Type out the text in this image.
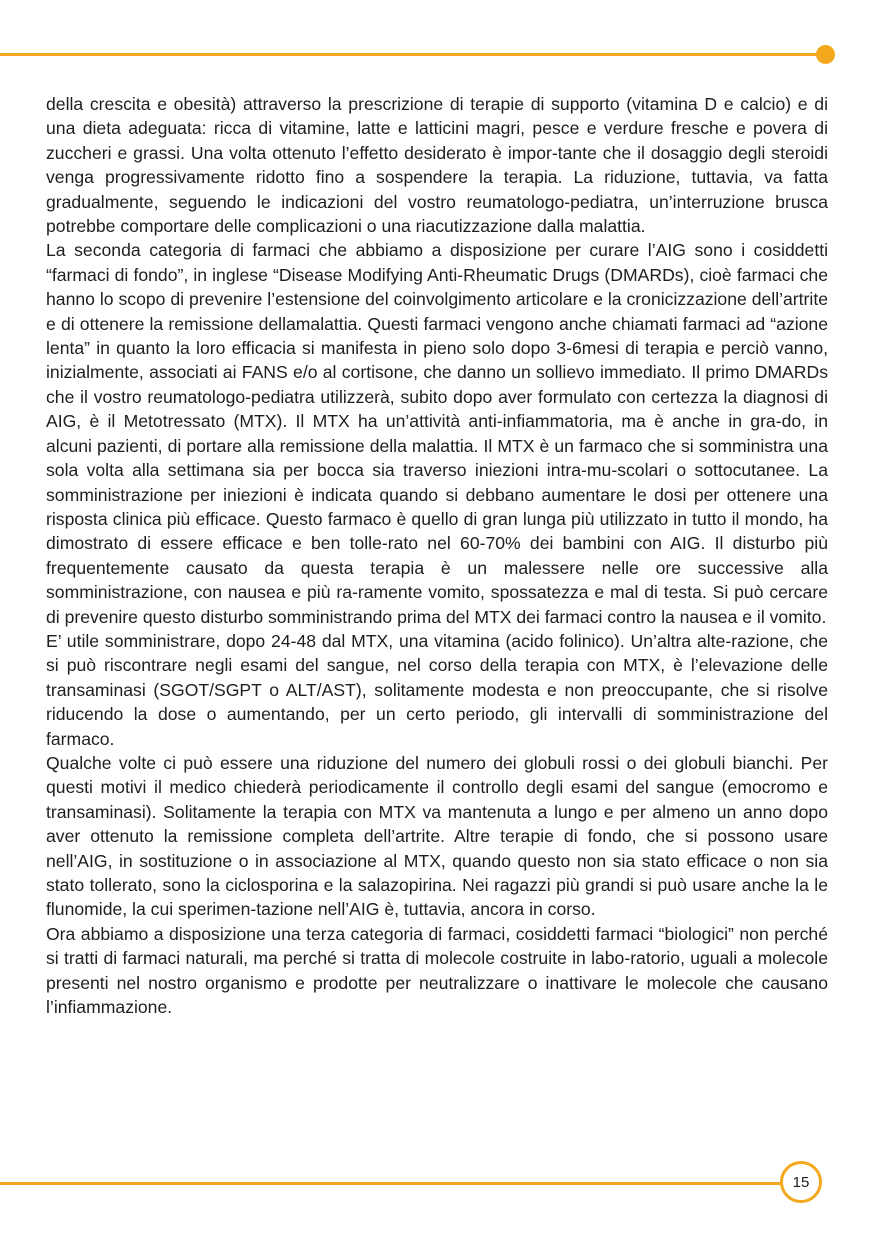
della crescita e obesità) attraverso la prescrizione di terapie di supporto (vitamina D e calcio) e di una dieta adeguata: ricca di vitamine, latte e latticini magri, pesce e verdure fresche e povera di zuccheri e grassi. Una volta ottenuto l’effetto desiderato è impor-tante che il dosaggio degli steroidi venga progressivamente ridotto fino a sospendere la terapia. La riduzione, tuttavia, va fatta gradualmente, seguendo le indicazioni del vostro reumatologo-pediatra, un’interruzione brusca potrebbe comportare delle complicazioni o una riacutizzazione dalla malattia.

La seconda categoria di farmaci che abbiamo a disposizione per curare l’AIG sono i cosiddetti “farmaci di fondo”, in inglese “Disease Modifying Anti-Rheumatic Drugs (DMARDs), cioè farmaci che hanno lo scopo di prevenire l’estensione del coinvolgimento articolare e la cronicizzazione dell’artrite e di ottenere la remissione dellamalattia. Questi farmaci vengono anche chiamati farmaci ad “azione lenta” in quanto la loro efficacia si manifesta in pieno solo dopo 3-6mesi di terapia e perciò vanno, inizialmente, associati ai FANS e/o al cortisone, che danno un sollievo immediato. Il primo DMARDs che il vostro reumatologo-pediatra utilizzerà, subito dopo aver formulato con certezza la diagnosi di AIG, è il Metotressato (MTX). Il MTX ha un’attività anti-infiammatoria, ma è anche in gra-do, in alcuni pazienti, di portare alla remissione della malattia. Il MTX è un farmaco che si somministra una sola volta alla settimana sia per bocca sia traverso iniezioni intra-mu-scolari o sottocutanee. La somministrazione per iniezioni è indicata quando si debbano aumentare le dosi per ottenere una risposta clinica più efficace. Questo farmaco è quello di gran lunga più utilizzato in tutto il mondo, ha dimostrato di essere efficace e ben tolle-rato nel 60-70% dei bambini con AIG. Il disturbo più frequentemente causato da questa terapia è un malessere nelle ore successive alla somministrazione, con nausea e più ra-ramente vomito, spossatezza e mal di testa. Si può cercare di prevenire questo disturbo somministrando prima del MTX dei farmaci contro la nausea e il vomito.

E’ utile somministrare, dopo 24-48 dal MTX, una vitamina (acido folinico). Un’altra alte-razione, che si può riscontrare negli esami del sangue, nel corso della terapia con MTX, è l’elevazione delle transaminasi (SGOT/SGPT o ALT/AST), solitamente modesta e non preoccupante, che si risolve riducendo la dose o aumentando, per un certo periodo, gli intervalli di somministrazione del farmaco.

Qualche volte ci può essere una riduzione del numero dei globuli rossi o dei globuli bianchi. Per questi motivi il medico chiederà periodicamente il controllo degli esami del sangue (emocromo e transaminasi). Solitamente la terapia con MTX va mantenuta a lungo e per almeno un anno dopo aver ottenuto la remissione completa dell’artrite. Altre terapie di fondo, che si possono usare nell’AIG, in sostituzione o in associazione al MTX, quando questo non sia stato efficace o non sia stato tollerato, sono la ciclosporina e la salazopirina. Nei ragazzi più grandi si può usare anche la le flunomide, la cui sperimen-tazione nell’AIG è, tuttavia, ancora in corso.

Ora abbiamo a disposizione una terza categoria di farmaci, cosiddetti farmaci “biologici” non perché si tratti di farmaci naturali, ma perché si tratta di molecole costruite in labo-ratorio, uguali a molecole presenti nel nostro organismo e prodotte per neutralizzare o inattivare le molecole che causano l’infiammazione.

15
